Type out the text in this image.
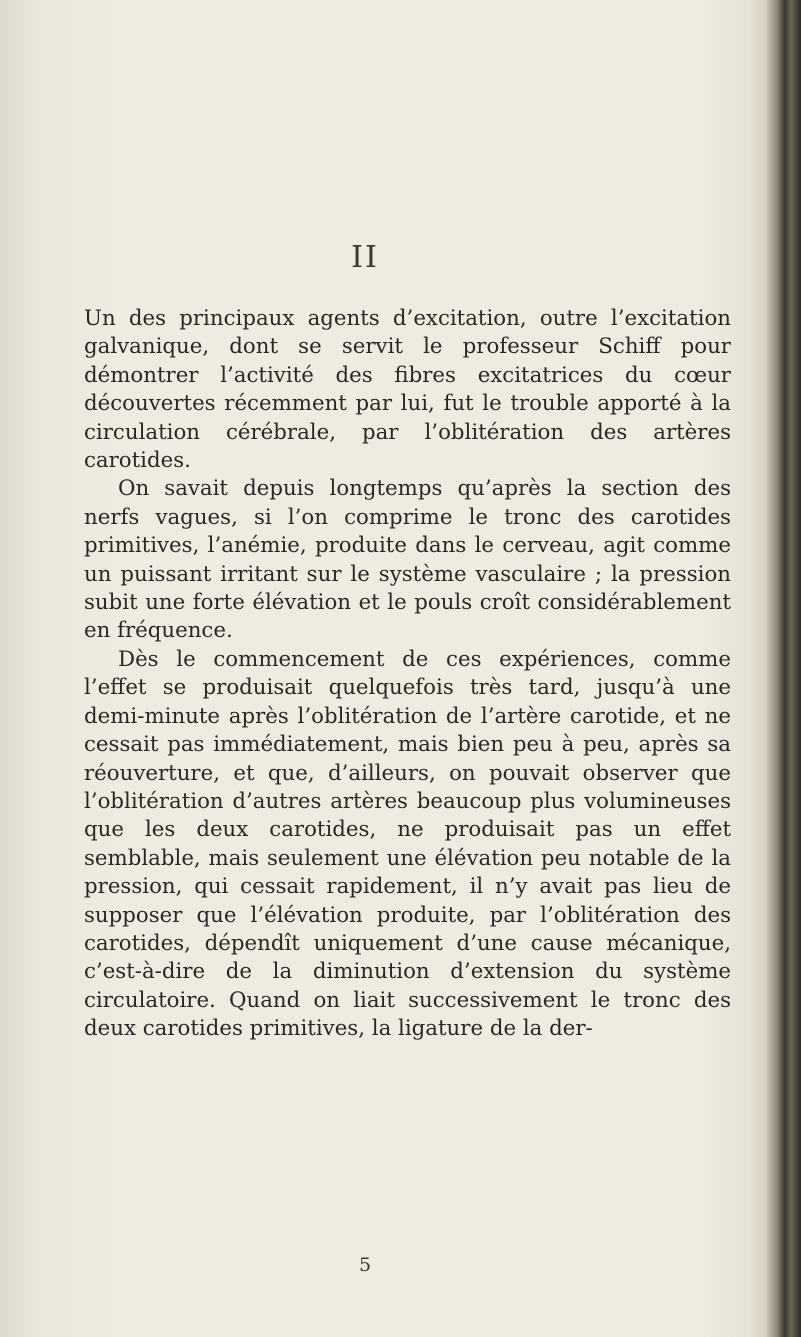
II

Un des principaux agents d’excitation, outre l’excitation galvanique, dont se servit le professeur Schiff pour démontrer l’activité des fibres excitatrices du cœur découvertes récemment par lui, fut le trouble apporté à la circulation cérébrale, par l’oblitération des artères carotides.

On savait depuis longtemps qu’après la section des nerfs vagues, si l’on comprime le tronc des carotides primitives, l’anémie, produite dans le cerveau, agit comme un puissant irritant sur le système vasculaire ; la pression subit une forte élévation et le pouls croît considérablement en fréquence.

Dès le commencement de ces expériences, comme l’effet se produisait quelquefois très tard, jusqu’à une demi-minute après l’oblitération de l’artère carotide, et ne cessait pas immédiatement, mais bien peu à peu, après sa réouverture, et que, d’ailleurs, on pouvait observer que l’oblitération d’autres artères beaucoup plus volumineuses que les deux carotides, ne produisait pas un effet semblable, mais seulement une élévation peu notable de la pression, qui cessait rapidement, il n’y avait pas lieu de supposer que l’élévation produite, par l’oblitération des carotides, dépendît uniquement d’une cause mécanique, c’est-à-dire de la diminution d’extension du système circulatoire. Quand on liait successivement le tronc des deux carotides primitives, la ligature de la der-

5
